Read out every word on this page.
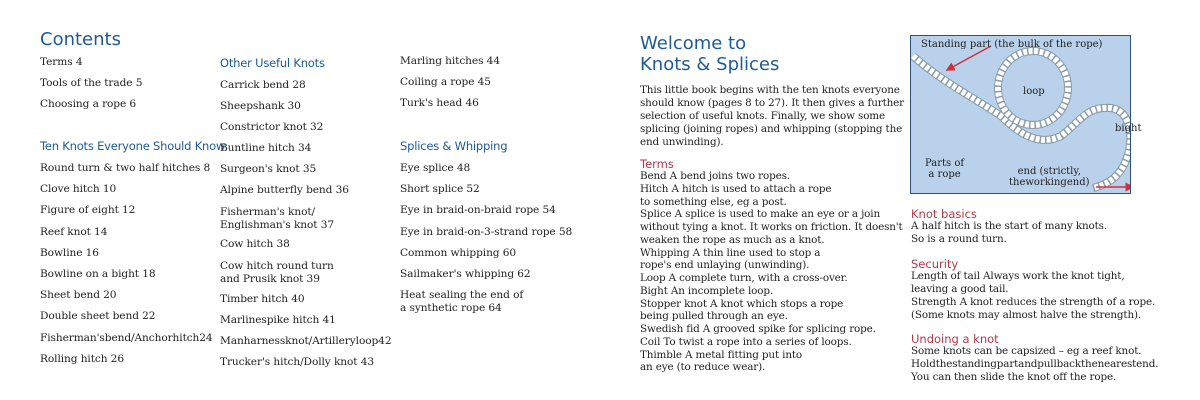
Contents
Terms 4
Tools of the trade 5
Choosing a rope 6
Ten Knots Everyone Should Know
Round turn & two half hitches 8
Clove hitch 10
Figure of eight 12
Reef knot 14
Bowline 16
Bowline on a bight 18
Sheet bend 20
Double sheet bend 22
Fisherman'sbend/Anchorhitch24
Rolling hitch 26
Other Useful Knots
Carrick bend 28
Sheepshank 30
Constrictor knot 32
Buntline hitch 34
Surgeon's knot 35
Alpine butterfly bend 36
Fisherman's knot/
Englishman's knot 37
Cow hitch 38
Cow hitch round turn
and Prusik knot 39
Timber hitch 40
Marlinespike hitch 41
Manharnessknot/Artilleryloop42
Trucker's hitch/Dolly knot 43
Marling hitches 44
Coiling a rope 45
Turk's head 46
Splices & Whipping
Eye splice 48
Short splice 52
Eye in braid-on-braid rope 54
Eye in braid-on-3-strand rope 58
Common whipping 60
Sailmaker's whipping 62
Heat sealing the end of
a synthetic rope 64
Welcome to
Knots & Splices
This little book begins with the ten knots everyone
should know (pages 8 to 27). It then gives a further
selection of useful knots. Finally, we show some
splicing (joining ropes) and whipping (stopping the
end unwinding).
Terms
Bend A bend joins two ropes.
Hitch A hitch is used to attach a rope
to something else, eg a post.
Splice A splice is used to make an eye or a join
without tying a knot. It works on friction. It doesn't
weaken the rope as much as a knot.
Whipping A thin line used to stop a
rope's end unlaying (unwinding).
Loop A complete turn, with a cross-over.
Bight An incomplete loop.
Stopper knot A knot which stops a rope
being pulled through an eye.
Swedish fid A grooved spike for splicing rope.
Coil To twist a rope into a series of loops.
Thimble A metal fitting put into
an eye (to reduce wear).
Standing part (the bulk of the rope)
loop
bight
Parts of
a rope	end (strictly,
theworkingend)
Knot basics
A half hitch is the start of many knots.
So is a round turn.
Security
Length of tail Always work the knot tight,
leaving a good tail.
Strength A knot reduces the strength of a rope.
(Some knots may almost halve the strength).
Undoing a knot
Some knots can be capsized – eg a reef knot.
Holdthestandingpartandpullbackthenearestend.
You can then slide the knot off the rope.
